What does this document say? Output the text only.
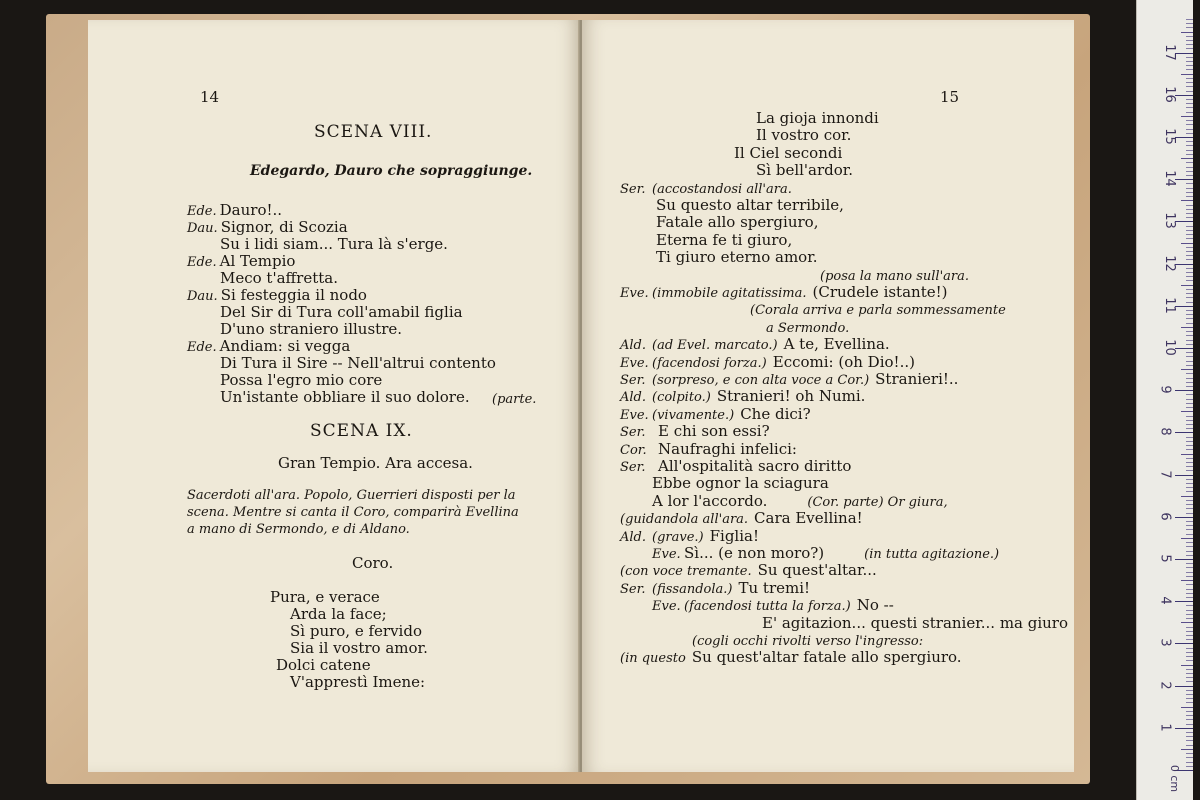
14
SCENA VIII.
Edegardo, Dauro che sopraggiunge.
Ede. Dauro!..
Dau. Signor, di Scozia
Su i lidi siam... Tura là s'erge.
Ede. Al Tempio
Meco t'affretta.
Dau. Si festeggia il nodo
Del Sir di Tura coll'amabil figlia
D'uno straniero illustre.
Ede. Andiam: si vegga
Di Tura il Sire -- Nell'altrui contento
Possa l'egro mio core
Un'istante obbliare il suo dolore. (parte.
SCENA IX.
Gran Tempio. Ara accesa.
Sacerdoti all'ara. Popolo, Guerrieri disposti per la
scena. Mentre si canta il Coro, comparirà Evellina
a mano di Sermondo, e di Aldano.
Coro.
Pura, e verace
Arda la face;
Sì puro, e fervido
Sia il vostro amor.
Dolci catene
V'apprestì Imene:
15
La gioja innondi
Il vostro cor.
Il Ciel secondi
Sì bell'ardor.
Ser. (accostandosi all'ara.
Su questo altar terribile,
Fatale allo spergiuro,
Eterna fe ti giuro,
Ti giuro eterno amor.
(posa la mano sull'ara.
Eve. (immobile agitatissima. (Crudele istante!)
(Corala arriva e parla sommessamente
a Sermondo.
Ald. (ad Evel. marcato.) A te, Evellina.
Eve. (facendosi forza.) Eccomi: (oh Dio!..)
Ser. (sorpreso, e con alta voce a Cor.) Stranieri!..
Ald. (colpito.) Stranieri! oh Numi.
Eve. (vivamente.) Che dici?
Ser. E chi son essi?
Cor. Naufraghi infelici:
Ser. All'ospitalità sacro diritto
Ebbe ognor la sciagura
A lor l'accordo.	(Cor. parte) Or giura,
(guidandola all'ara. Cara Evellina!
Ald. (grave.) Figlia!
Eve. Sì... (e non moro?)	(in tutta agitazione.)
(con voce tremante. Su quest'altar...
Ser. (fissandola.) Tu tremi!
Eve. (facendosi tutta la forza.) No --
E' agitazion... questi stranier... ma giuro
(cogli occhi rivolti verso l'ingresso:
(in questo Su quest'altar fatale allo spergiuro.
17
16
15
14
13
12
11
10
9
8
7
6
5
4
3
2
1
0 cm
